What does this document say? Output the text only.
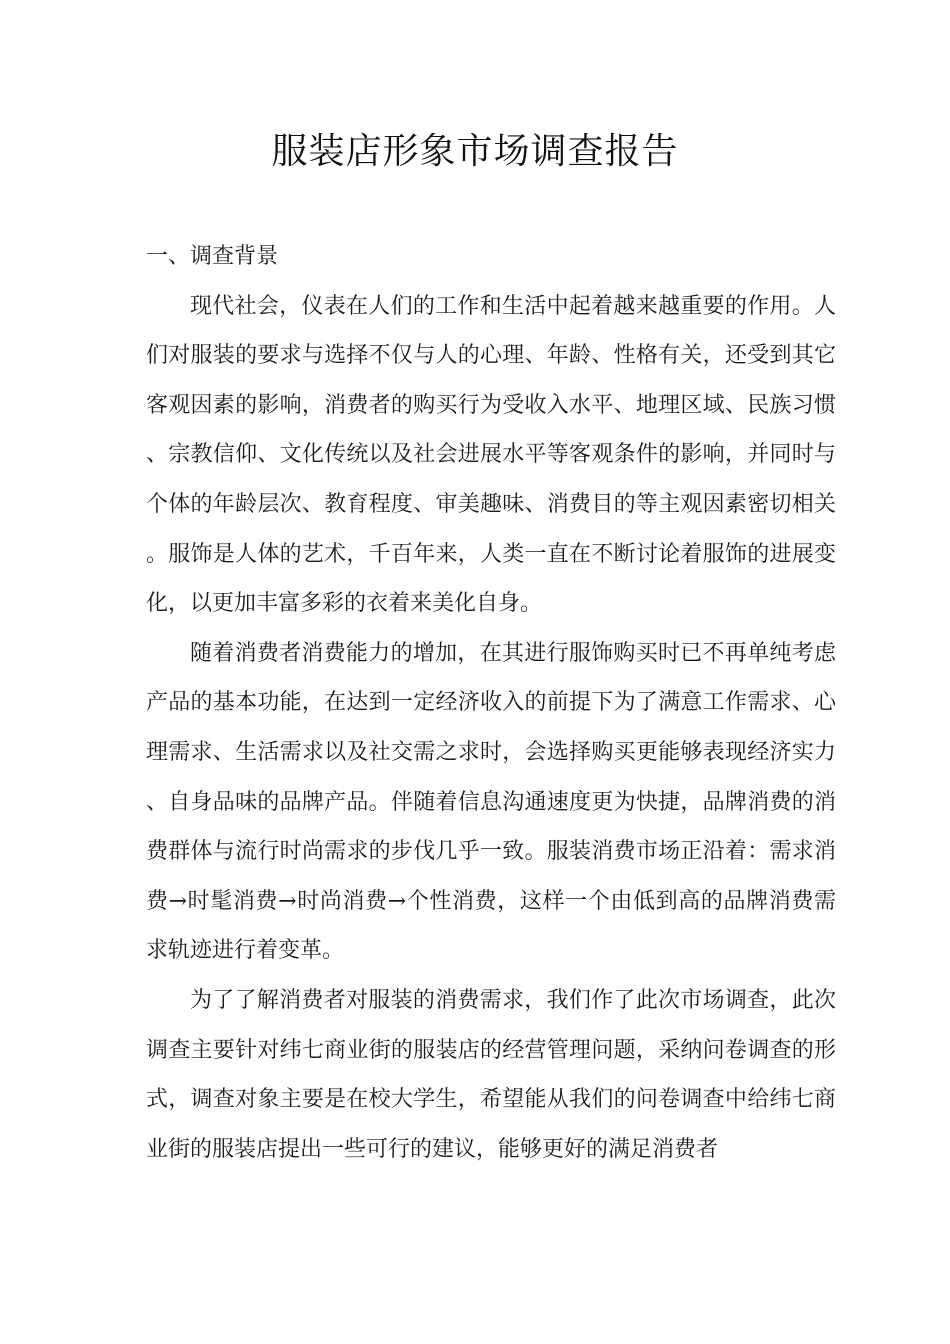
服装店形象市场调查报告
一、调查背景

现代社会，仪表在人们的工作和生活中起着越来越重要的作用。人们对服装的要求与选择不仅与人的心理、年龄、性格有关，还受到其它客观因素的影响，消费者的购买行为受收入水平、地理区域、民族习惯、宗教信仰、文化传统以及社会进展水平等客观条件的影响，并同时与个体的年龄层次、教育程度、审美趣味、消费目的等主观因素密切相关。服饰是人体的艺术，千百年来，人类一直在不断讨论着服饰的进展变化，以更加丰富多彩的衣着来美化自身。

随着消费者消费能力的增加，在其进行服饰购买时已不再单纯考虑产品的基本功能，在达到一定经济收入的前提下为了满意工作需求、心理需求、生活需求以及社交需之求时，会选择购买更能够表现经济实力、自身品味的品牌产品。伴随着信息沟通速度更为快捷，品牌消费的消费群体与流行时尚需求的步伐几乎一致。服装消费市场正沿着：需求消费→时髦消费→时尚消费→个性消费，这样一个由低到高的品牌消费需求轨迹进行着变革。

为了了解消费者对服装的消费需求，我们作了此次市场调查，此次调查主要针对纬七商业街的服装店的经营管理问题，采纳问卷调查的形式，调查对象主要是在校大学生，希望能从我们的问卷调查中给纬七商业街的服装店提出一些可行的建议，能够更好的满足消费者
